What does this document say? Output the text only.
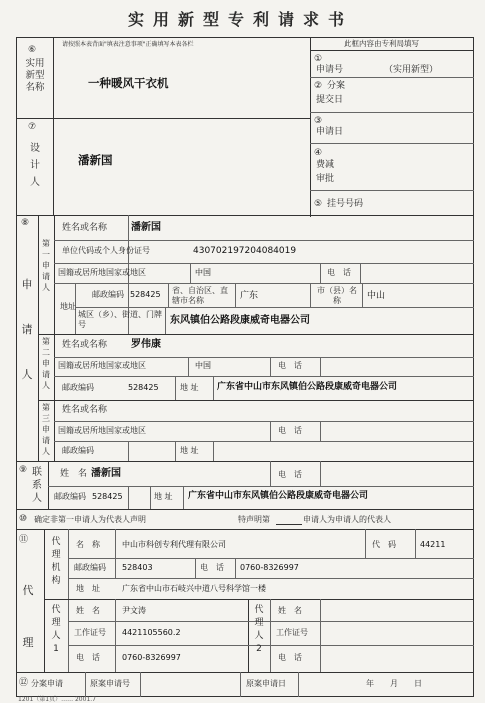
实用新型专利请求书
请按照本表背面"填表注意事项"正确填写本表各栏	此框内容由专利局填写
①
申请号	（实用新型）
② 分案
提交日
③
申请日
④
费减
审批
⑤ 挂号号码
⑥
实用新型名称	一种暖风干衣机
⑦
设计人
潘新国
⑧
申请人
第一申请人
姓名或名称 潘新国
单位代码或个人身份证号	430702197204084019
国籍或居所地国家或地区	中国	电　话
地址
邮政编码 528425 省、自治区、直辖市名称	广东
市（县）名称	中山
城区（乡）、街道、门牌号	东风镇伯公路段康威奇电器公司
第二申请人
姓名或名称 罗伟康
国籍或居所地国家或地区	中国	电　话
邮政编码	528425	地 址 广东省中山市东风镇伯公路段康威奇电器公司
第三申请人
姓名或名称
国籍或居所地国家或地区	电　话
邮政编码	地 址
⑨ 联系人
姓　名 潘新国	电　话
邮政编码 528425	地 址 广东省中山市东风镇伯公路段康威奇电器公司
⑩ 确定非第一申请人为代表人声明	特声明第	申请人为申请人的代表人
⑪
代理
代理机构
名　称	中山市科创专利代理有限公司	代　码	44211
邮政编码 528403	电　话 0760-8326997
地　址	广东省中山市石岐兴中道八号科学馆一楼
代理人1
姓　名	尹文涛
工作证号 4421105560.2
电　话	0760-8326997
代理人2
姓　名
工作证号
电　话
⑫ 分案申请	原案申请号	原案申请日	年　　月　　日
1201（第1页）…… 2001.7
